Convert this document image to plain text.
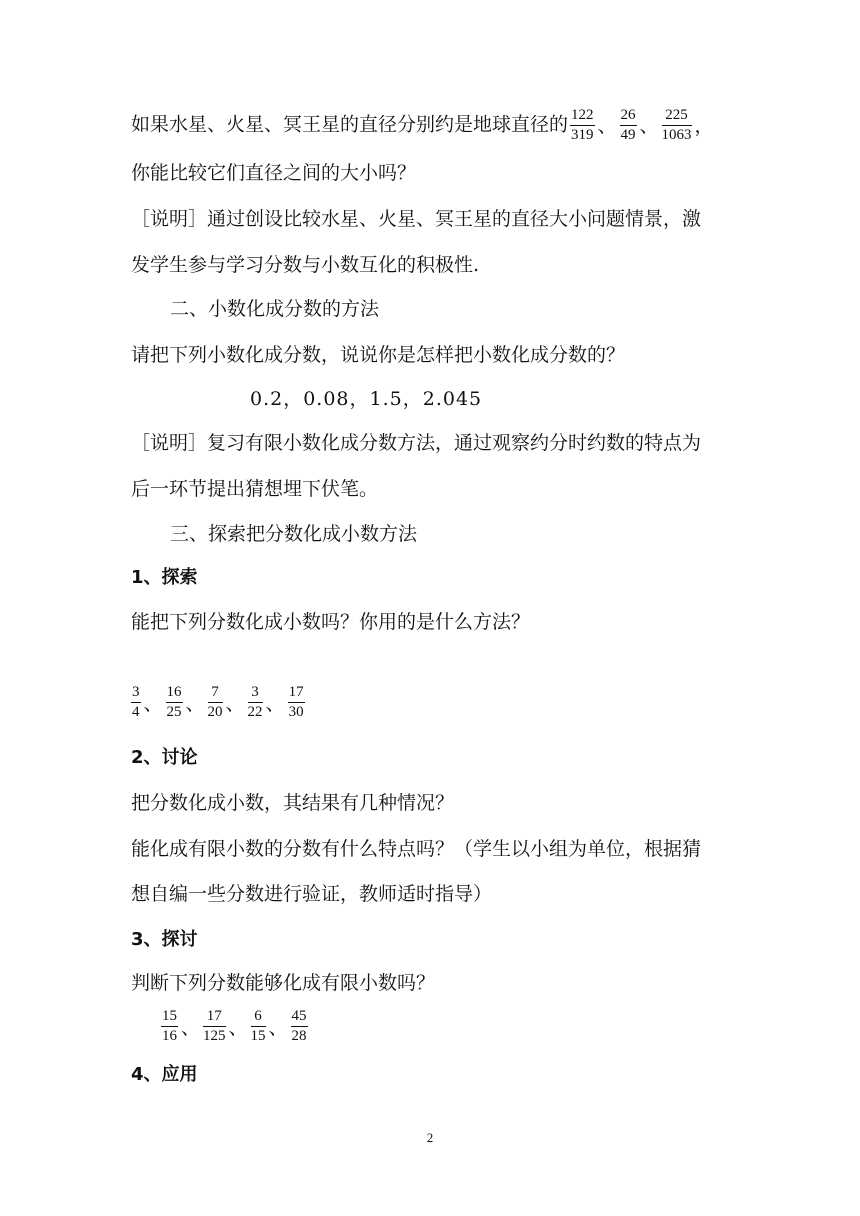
如果水星、火星、冥王星的直径分别约是地球直径的 $\frac{122}{319}$ 、 $\frac{26}{49}$ 、 $\frac{225}{1063}$ ，
你能比较它们直径之间的大小吗？
［说明］通过创设比较水星、火星、冥王星的直径大小问题情景，激
发学生参与学习分数与小数互化的积极性.
二、小数化成分数的方法
请把下列小数化成分数，说说你是怎样把小数化成分数的？
0.2，0.08，1.5，2.045
［说明］复习有限小数化成分数方法，通过观察约分时约数的特点为
后一环节提出猜想埋下伏笔。
三、探索把分数化成小数方法
1、探索
能把下列分数化成小数吗？你用的是什么方法？
$\frac{3}{4}$ 、 $\frac{16}{25}$ 、 $\frac{7}{20}$ 、 $\frac{3}{22}$ 、 $\frac{17}{30}$
2、讨论
把分数化成小数，其结果有几种情况？
能化成有限小数的分数有什么特点吗？（学生以小组为单位，根据猜
想自编一些分数进行验证，教师适时指导）
3、探讨
判断下列分数能够化成有限小数吗？
$\frac{15}{16}$ 、 $\frac{17}{125}$ 、 $\frac{6}{15}$ 、 $\frac{45}{28}$
4、应用
2
